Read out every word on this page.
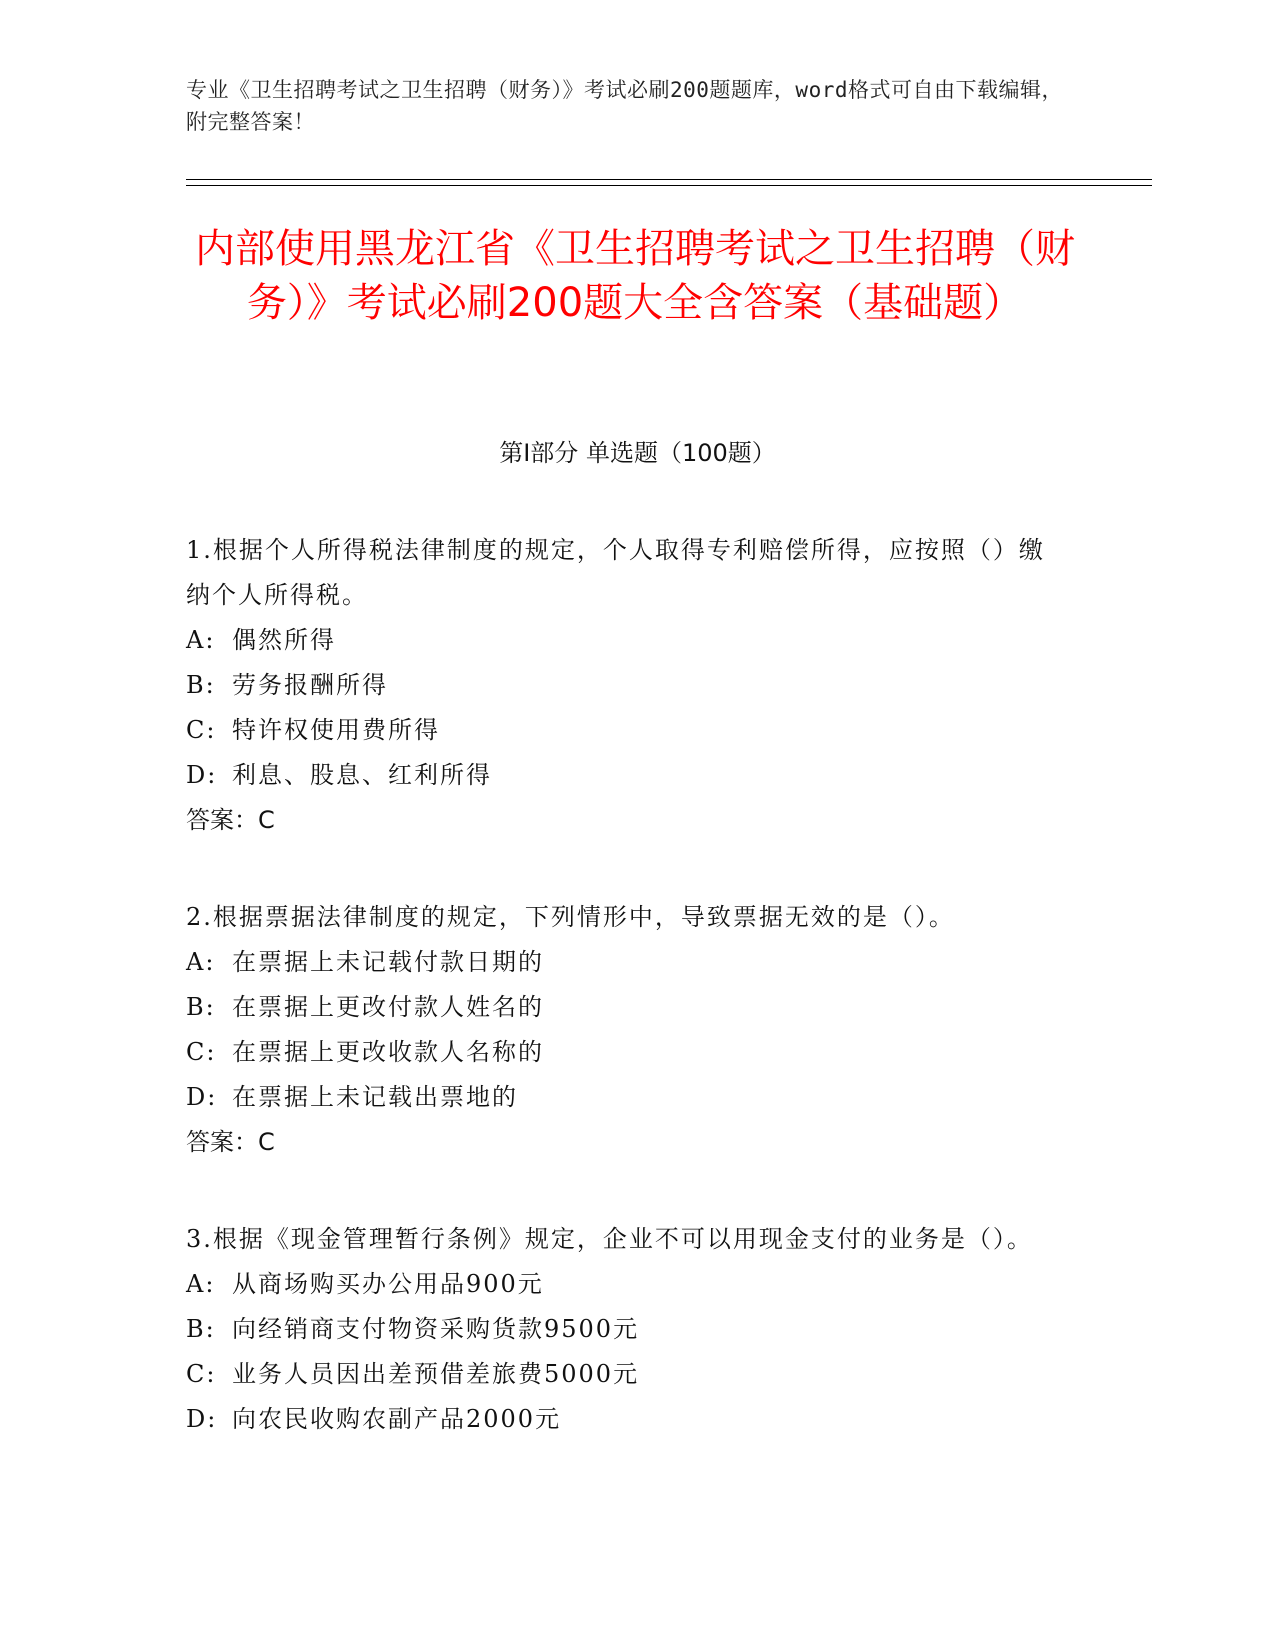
专业《卫生招聘考试之卫生招聘（财务）》考试必刷200题题库，word格式可自由下载编辑，附完整答案！
内部使用黑龙江省《卫生招聘考试之卫生招聘（财务）》考试必刷200题大全含答案（基础题）
第I部分 单选题（100题）

1.根据个人所得税法律制度的规定，个人取得专利赔偿所得，应按照（）缴纳个人所得税。

A: 偶然所得

B: 劳务报酬所得

C: 特许权使用费所得

D: 利息、股息、红利所得

答案：C

2.根据票据法律制度的规定，下列情形中，导致票据无效的是（）。

A: 在票据上未记载付款日期的

B: 在票据上更改付款人姓名的

C: 在票据上更改收款人名称的

D: 在票据上未记载出票地的

答案：C

3.根据《现金管理暂行条例》规定，企业不可以用现金支付的业务是（）。

A: 从商场购买办公用品900元

B: 向经销商支付物资采购货款9500元

C: 业务人员因出差预借差旅费5000元

D: 向农民收购农副产品2000元
